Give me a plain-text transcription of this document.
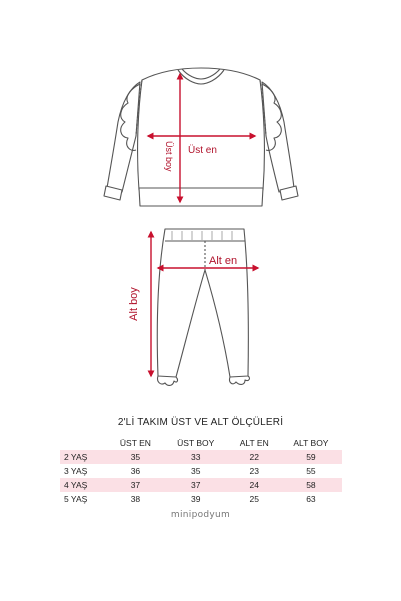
Üst en
Üst boy
Alt en
Alt boy
2'Lİ TAKIM ÜST VE ALT ÖLÇÜLERİ
	ÜST EN	ÜST BOY	ALT EN	ALT BOY
2 YAŞ	35	33	22	59
3 YAŞ	36	35	23	55
4 YAŞ	37	37	24	58
5 YAŞ	38	39	25	63
minipodyum
